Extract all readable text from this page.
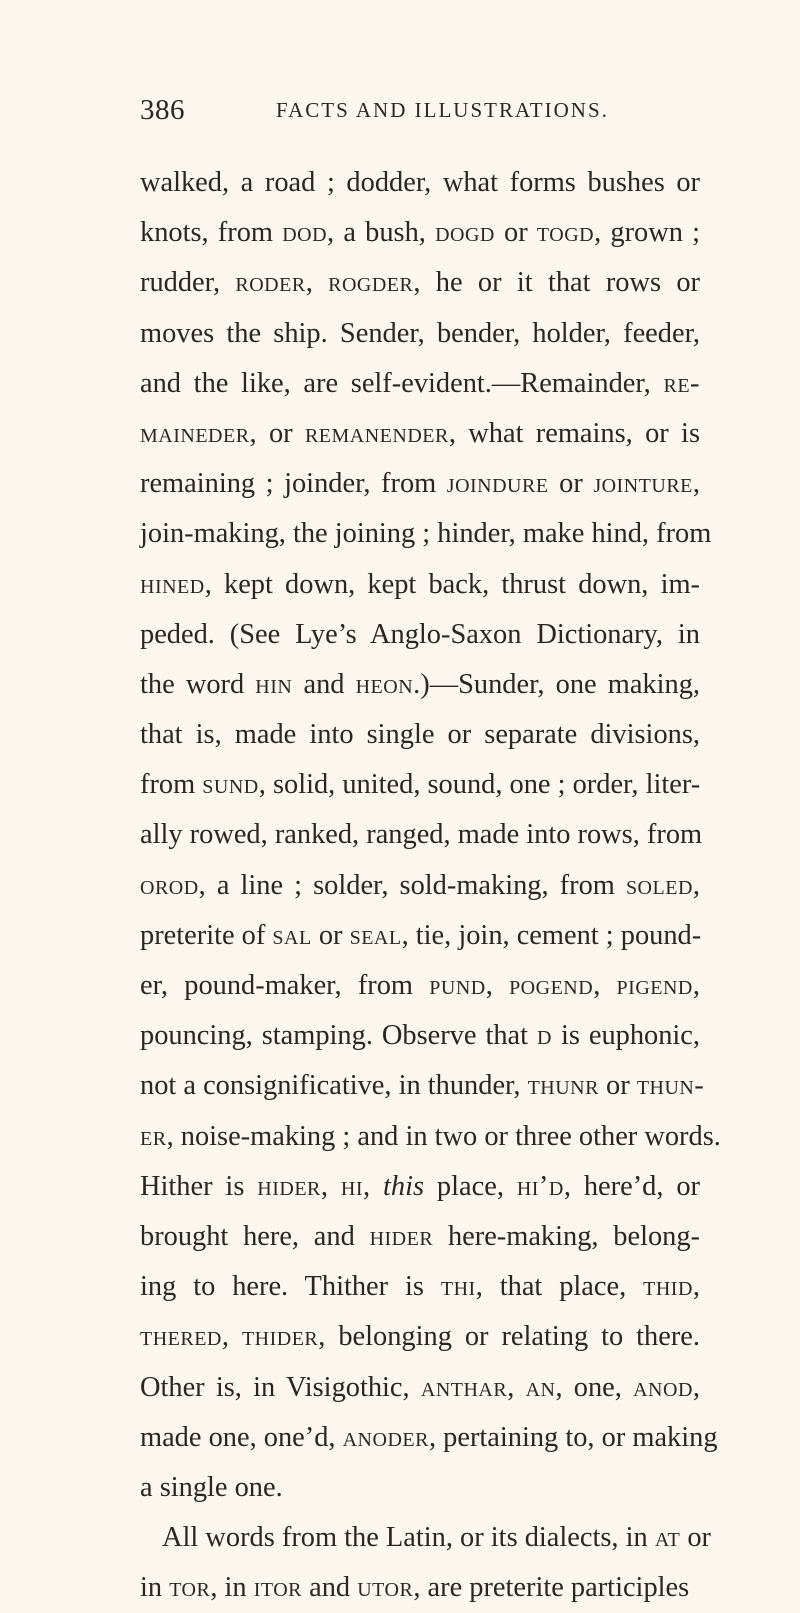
386	FACTS AND ILLUSTRATIONS.
walked, a road ; dodder, what forms bushes or
knots, from dod, a bush, dogd or togd, grown ;
rudder, roder, rogder, he or it that rows or
moves the ship. Sender, bender, holder, feeder,
and the like, are self-evident.—Remainder, re-
maineder, or remanender, what remains, or is
remaining ; joinder, from joindure or jointure,
join-making, the joining ; hinder, make hind, from
hined, kept down, kept back, thrust down, im-
peded. (See Lye’s Anglo-Saxon Dictionary, in
the word hin and heon.)—Sunder, one making,
that is, made into single or separate divisions,
from sund, solid, united, sound, one ; order, liter-
ally rowed, ranked, ranged, made into rows, from
orod, a line ; solder, sold-making, from soled,
preterite of sal or seal, tie, join, cement ; pound-
er, pound-maker, from pund, pogend, pigend,
pouncing, stamping. Observe that d is euphonic,
not a consignificative, in thunder, thunr or thun-
er, noise-making ; and in two or three other words.
Hither is hider, hi, this place, hi’d, here’d, or
brought here, and hider here-making, belong-
ing to here. Thither is thi, that place, thid,
thered, thider, belonging or relating to there.
Other is, in Visigothic, anthar, an, one, anod,
made one, one’d, anoder, pertaining to, or making
a single one.
All words from the Latin, or its dialects, in at or
in tor, in itor and utor, are preterite participles
